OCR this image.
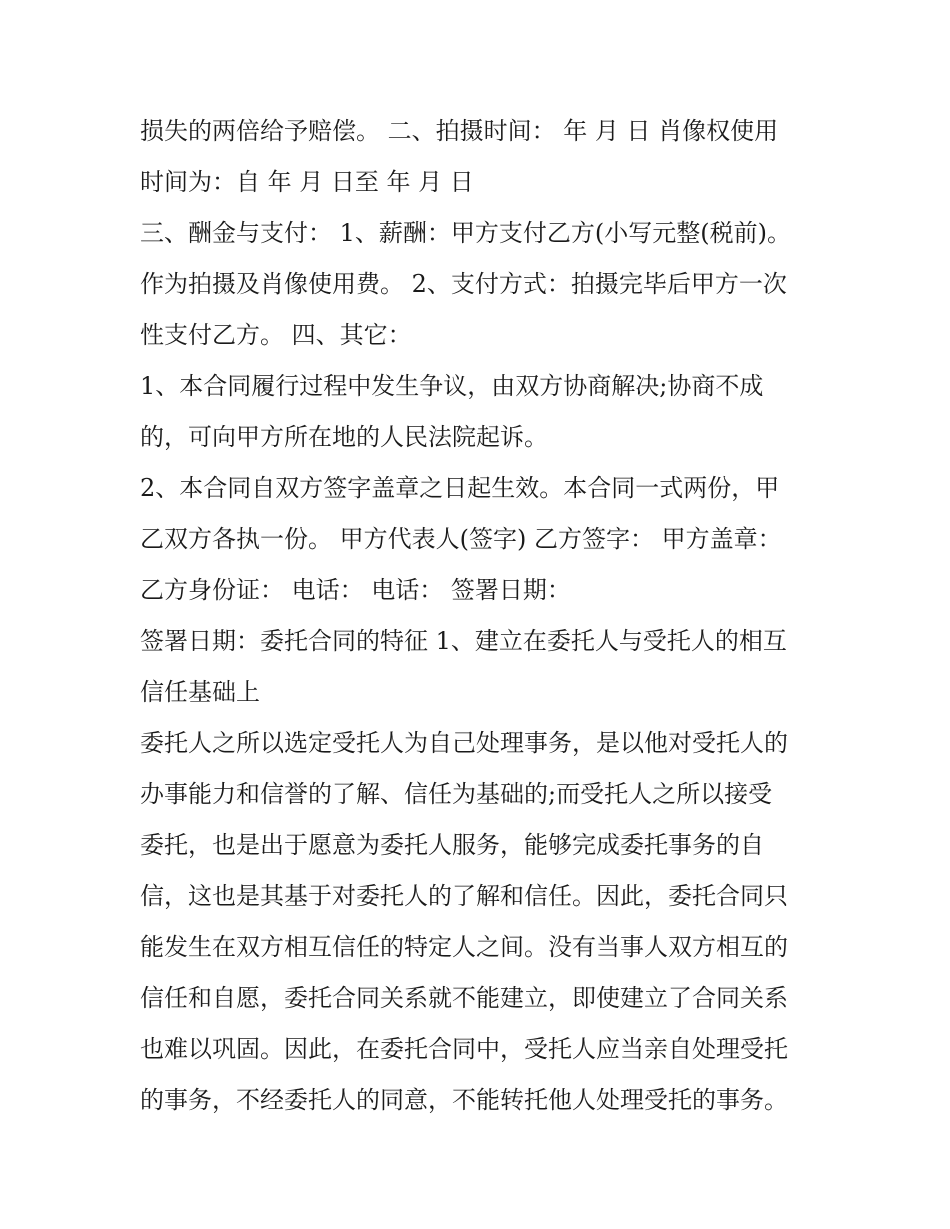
损失的两倍给予赔偿。 二、拍摄时间： 年 月 日 肖像权使用

时间为：自 年 月 日至 年 月 日

三、酬金与支付： 1、薪酬：甲方支付乙方(小写元整(税前)。

作为拍摄及肖像使用费。 2、支付方式：拍摄完毕后甲方一次

性支付乙方。 四、其它：

1、本合同履行过程中发生争议，由双方协商解决;协商不成

的，可向甲方所在地的人民法院起诉。

2、本合同自双方签字盖章之日起生效。本合同一式两份，甲

乙双方各执一份。 甲方代表人(签字) 乙方签字： 甲方盖章：

乙方身份证： 电话： 电话： 签署日期：

签署日期：委托合同的特征 1、建立在委托人与受托人的相互

信任基础上

委托人之所以选定受托人为自己处理事务，是以他对受托人的

办事能力和信誉的了解、信任为基础的;而受托人之所以接受

委托，也是出于愿意为委托人服务，能够完成委托事务的自

信，这也是其基于对委托人的了解和信任。因此，委托合同只

能发生在双方相互信任的特定人之间。没有当事人双方相互的

信任和自愿，委托合同关系就不能建立，即使建立了合同关系

也难以巩固。因此，在委托合同中，受托人应当亲自处理受托

的事务，不经委托人的同意，不能转托他人处理受托的事务。
